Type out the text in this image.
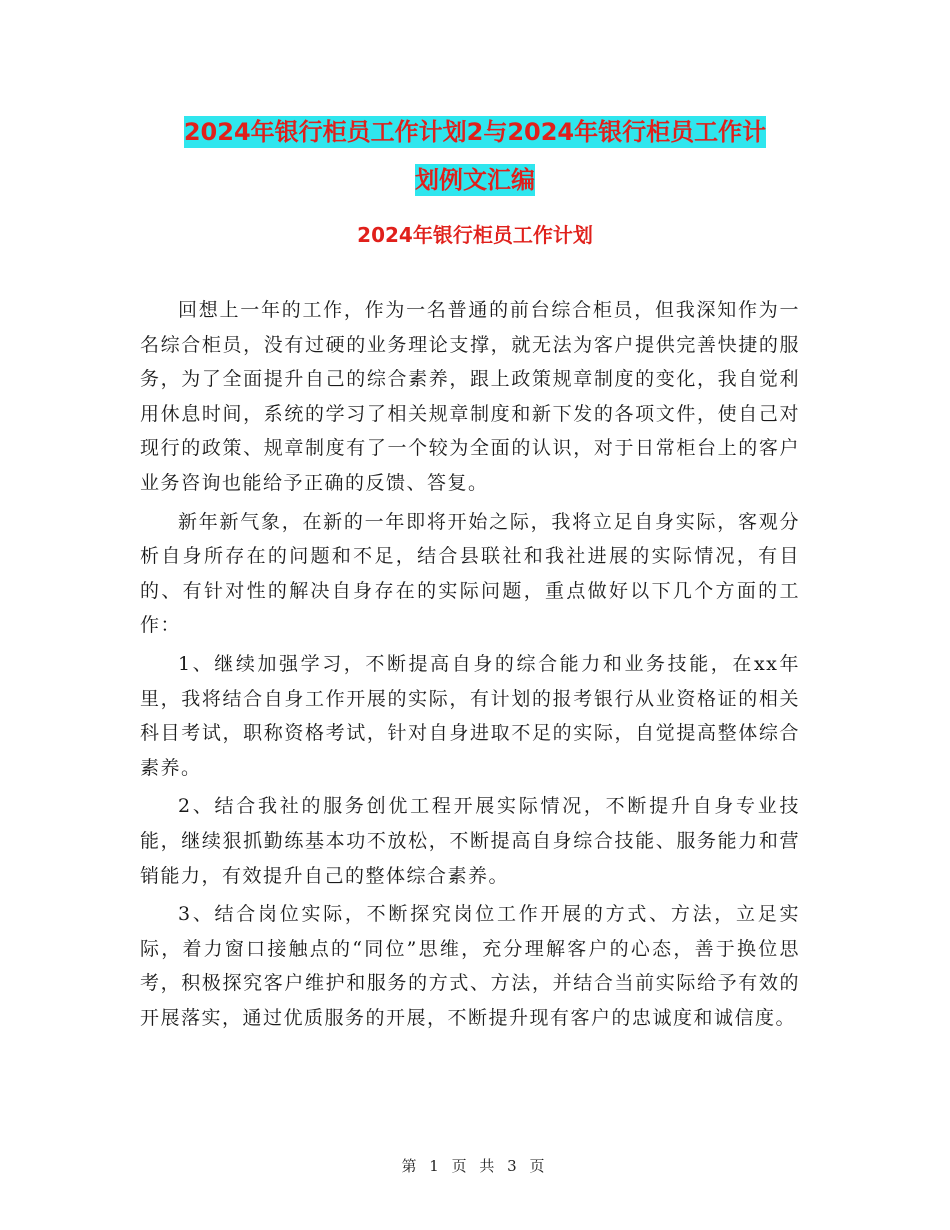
2024年银行柜员工作计划2与2024年银行柜员工作计
划例文汇编
2024年银行柜员工作计划

回想上一年的工作，作为一名普通的前台综合柜员，但我深知作为一名综合柜员，没有过硬的业务理论支撑，就无法为客户提供完善快捷的服务，为了全面提升自己的综合素养，跟上政策规章制度的变化，我自觉利用休息时间，系统的学习了相关规章制度和新下发的各项文件，使自己对现行的政策、规章制度有了一个较为全面的认识，对于日常柜台上的客户业务咨询也能给予正确的反馈、答复。

新年新气象，在新的一年即将开始之际，我将立足自身实际，客观分析自身所存在的问题和不足，结合县联社和我社进展的实际情况，有目的、有针对性的解决自身存在的实际问题，重点做好以下几个方面的工作：

1、继续加强学习，不断提高自身的综合能力和业务技能，在xx年里，我将结合自身工作开展的实际，有计划的报考银行从业资格证的相关科目考试，职称资格考试，针对自身进取不足的实际，自觉提高整体综合素养。

2、结合我社的服务创优工程开展实际情况，不断提升自身专业技能，继续狠抓勤练基本功不放松，不断提高自身综合技能、服务能力和营销能力，有效提升自己的整体综合素养。

3、结合岗位实际，不断探究岗位工作开展的方式、方法，立足实际，着力窗口接触点的“同位”思维，充分理解客户的心态，善于换位思考，积极探究客户维护和服务的方式、方法，并结合当前实际给予有效的开展落实，通过优质服务的开展，不断提升现有客户的忠诚度和诚信度。

第 1 页 共 3 页
